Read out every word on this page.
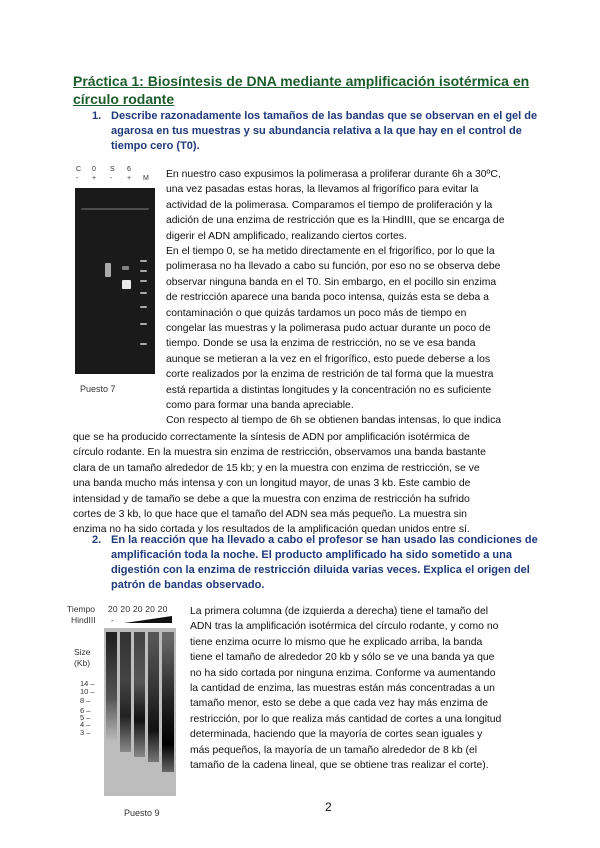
Práctica 1: Biosíntesis de DNA mediante amplificación isotérmica en círculo rodante
1. Describe razonadamente los tamaños de las bandas que se observan en el gel de agarosa en tus muestras y su abundancia relativa a la que hay en el control de tiempo cero (T0).
C
-
0
+
S
-
6
+ M
Puesto 7
En nuestro caso expusimos la polimerasa a proliferar durante 6h a 30ºC,
una vez pasadas estas horas, la llevamos al frigorífico para evitar la
actividad de la polimerasa. Comparamos el tiempo de proliferación y la
adición de una enzima de restricción que es la HindIII, que se encarga de
digerir el ADN amplificado, realizando ciertos cortes.
En el tiempo 0, se ha metido directamente en el frigorífico, por lo que la
polimerasa no ha llevado a cabo su función, por eso no se observa debe
observar ninguna banda en el T0. Sin embargo, en el pocillo sin enzima
de restricción aparece una banda poco intensa, quizás esta se deba a
contaminación o que quizás tardamos un poco más de tiempo en
congelar las muestras y la polimerasa pudo actuar durante un poco de
tiempo. Donde se usa la enzima de restricción, no se ve esa banda
aunque se metieran a la vez en el frigorífico, esto puede deberse a los
corte realizados por la enzima de restrición de tal forma que la muestra
está repartida a distintas longitudes y la concentración no es suficiente
como para formar una banda apreciable.
Con respecto al tiempo de 6h se obtienen bandas intensas, lo que indica
que se ha producido correctamente la síntesis de ADN por amplificación isotérmica de
círculo rodante. En la muestra sin enzima de restricción, observamos una banda bastante
clara de un tamaño alrededor de 15 kb; y en la muestra con enzima de restricción, se ve
una banda mucho más intensa y con un longitud mayor, de unas 3 kb. Este cambio de
intensidad y de tamaño se debe a que la muestra con enzima de restricción ha sufrido
cortes de 3 kb, lo que hace que el tamaño del ADN sea más pequeño. La muestra sin
enzima no ha sido cortada y los resultados de la amplificación quedan unidos entre sí.
2. En la reacción que ha llevado a cabo el profesor se han usado las condiciones de amplificación toda la noche. El producto amplificado ha sido sometido a una digestión con la enzima de restricción diluida varias veces. Explica el origen del patrón de bandas observado.
Tiempo 20 20 20 20 20
HindIII -
Size
(Kb)
14 –
10 –
8 –
6 –
5 –
4 –
3 –
Puesto 9
La primera columna (de izquierda a derecha) tiene el tamaño del
ADN tras la amplificación isotérmica del círculo rodante, y como no
tiene enzima ocurre lo mismo que he explicado arriba, la banda
tiene el tamaño de alrededor 20 kb y sólo se ve una banda ya que
no ha sido cortada por ninguna enzima. Conforme va aumentando
la cantidad de enzima, las muestras están más concentradas a un
tamaño menor, esto se debe a que cada vez hay más enzima de
restricción, por lo que realiza más cantidad de cortes a una longitud
determinada, haciendo que la mayoría de cortes sean iguales y
más pequeños, la mayoría de un tamaño alrededor de 8 kb (el
tamaño de la cadena lineal, que se obtiene tras realizar el corte).
2
